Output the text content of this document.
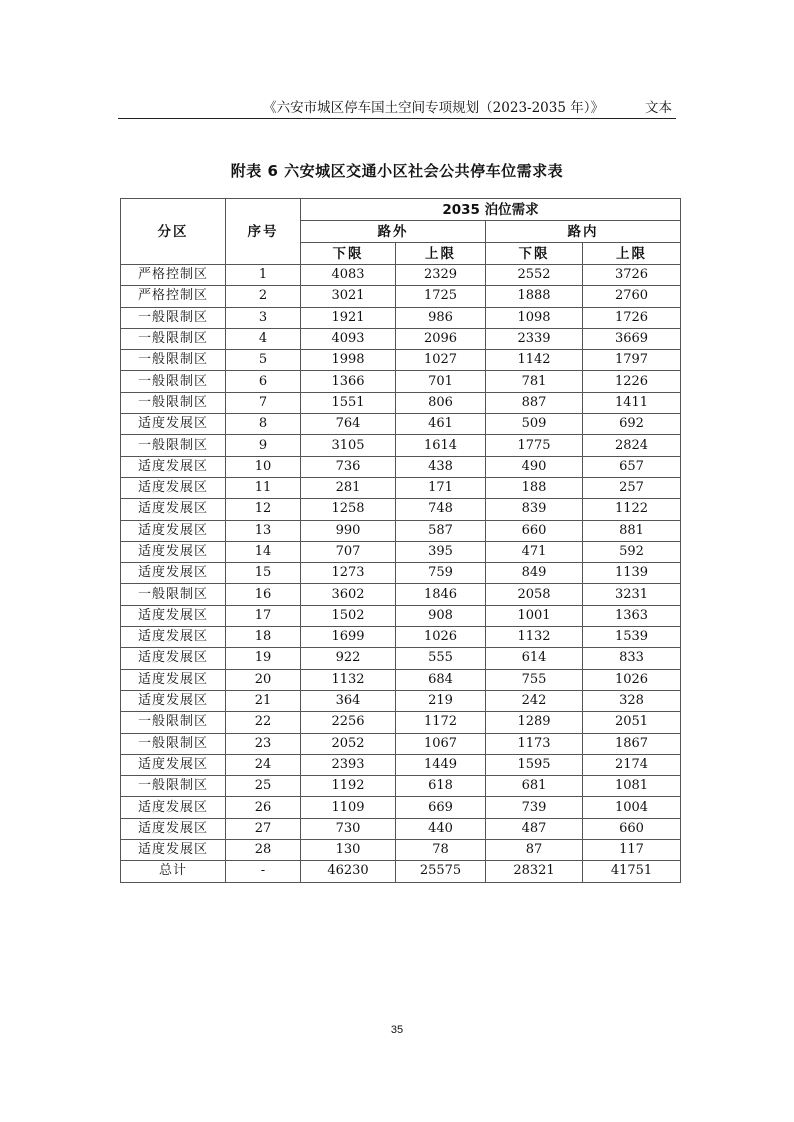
《六安市城区停车国土空间专项规划（2023-2035 年）》	文本
附表 6 六安城区交通小区社会公共停车位需求表
分区	序号	2035 泊位需求			
		路外		路内	
		下限	上限	下限	上限
严格控制区	1	4083	2329	2552	3726
严格控制区	2	3021	1725	1888	2760
一般限制区	3	1921	986	1098	1726
一般限制区	4	4093	2096	2339	3669
一般限制区	5	1998	1027	1142	1797
一般限制区	6	1366	701	781	1226
一般限制区	7	1551	806	887	1411
适度发展区	8	764	461	509	692
一般限制区	9	3105	1614	1775	2824
适度发展区	10	736	438	490	657
适度发展区	11	281	171	188	257
适度发展区	12	1258	748	839	1122
适度发展区	13	990	587	660	881
适度发展区	14	707	395	471	592
适度发展区	15	1273	759	849	1139
一般限制区	16	3602	1846	2058	3231
适度发展区	17	1502	908	1001	1363
适度发展区	18	1699	1026	1132	1539
适度发展区	19	922	555	614	833
适度发展区	20	1132	684	755	1026
适度发展区	21	364	219	242	328
一般限制区	22	2256	1172	1289	2051
一般限制区	23	2052	1067	1173	1867
适度发展区	24	2393	1449	1595	2174
一般限制区	25	1192	618	681	1081
适度发展区	26	1109	669	739	1004
适度发展区	27	730	440	487	660
适度发展区	28	130	78	87	117
总计	-	46230	25575	28321	41751
35
